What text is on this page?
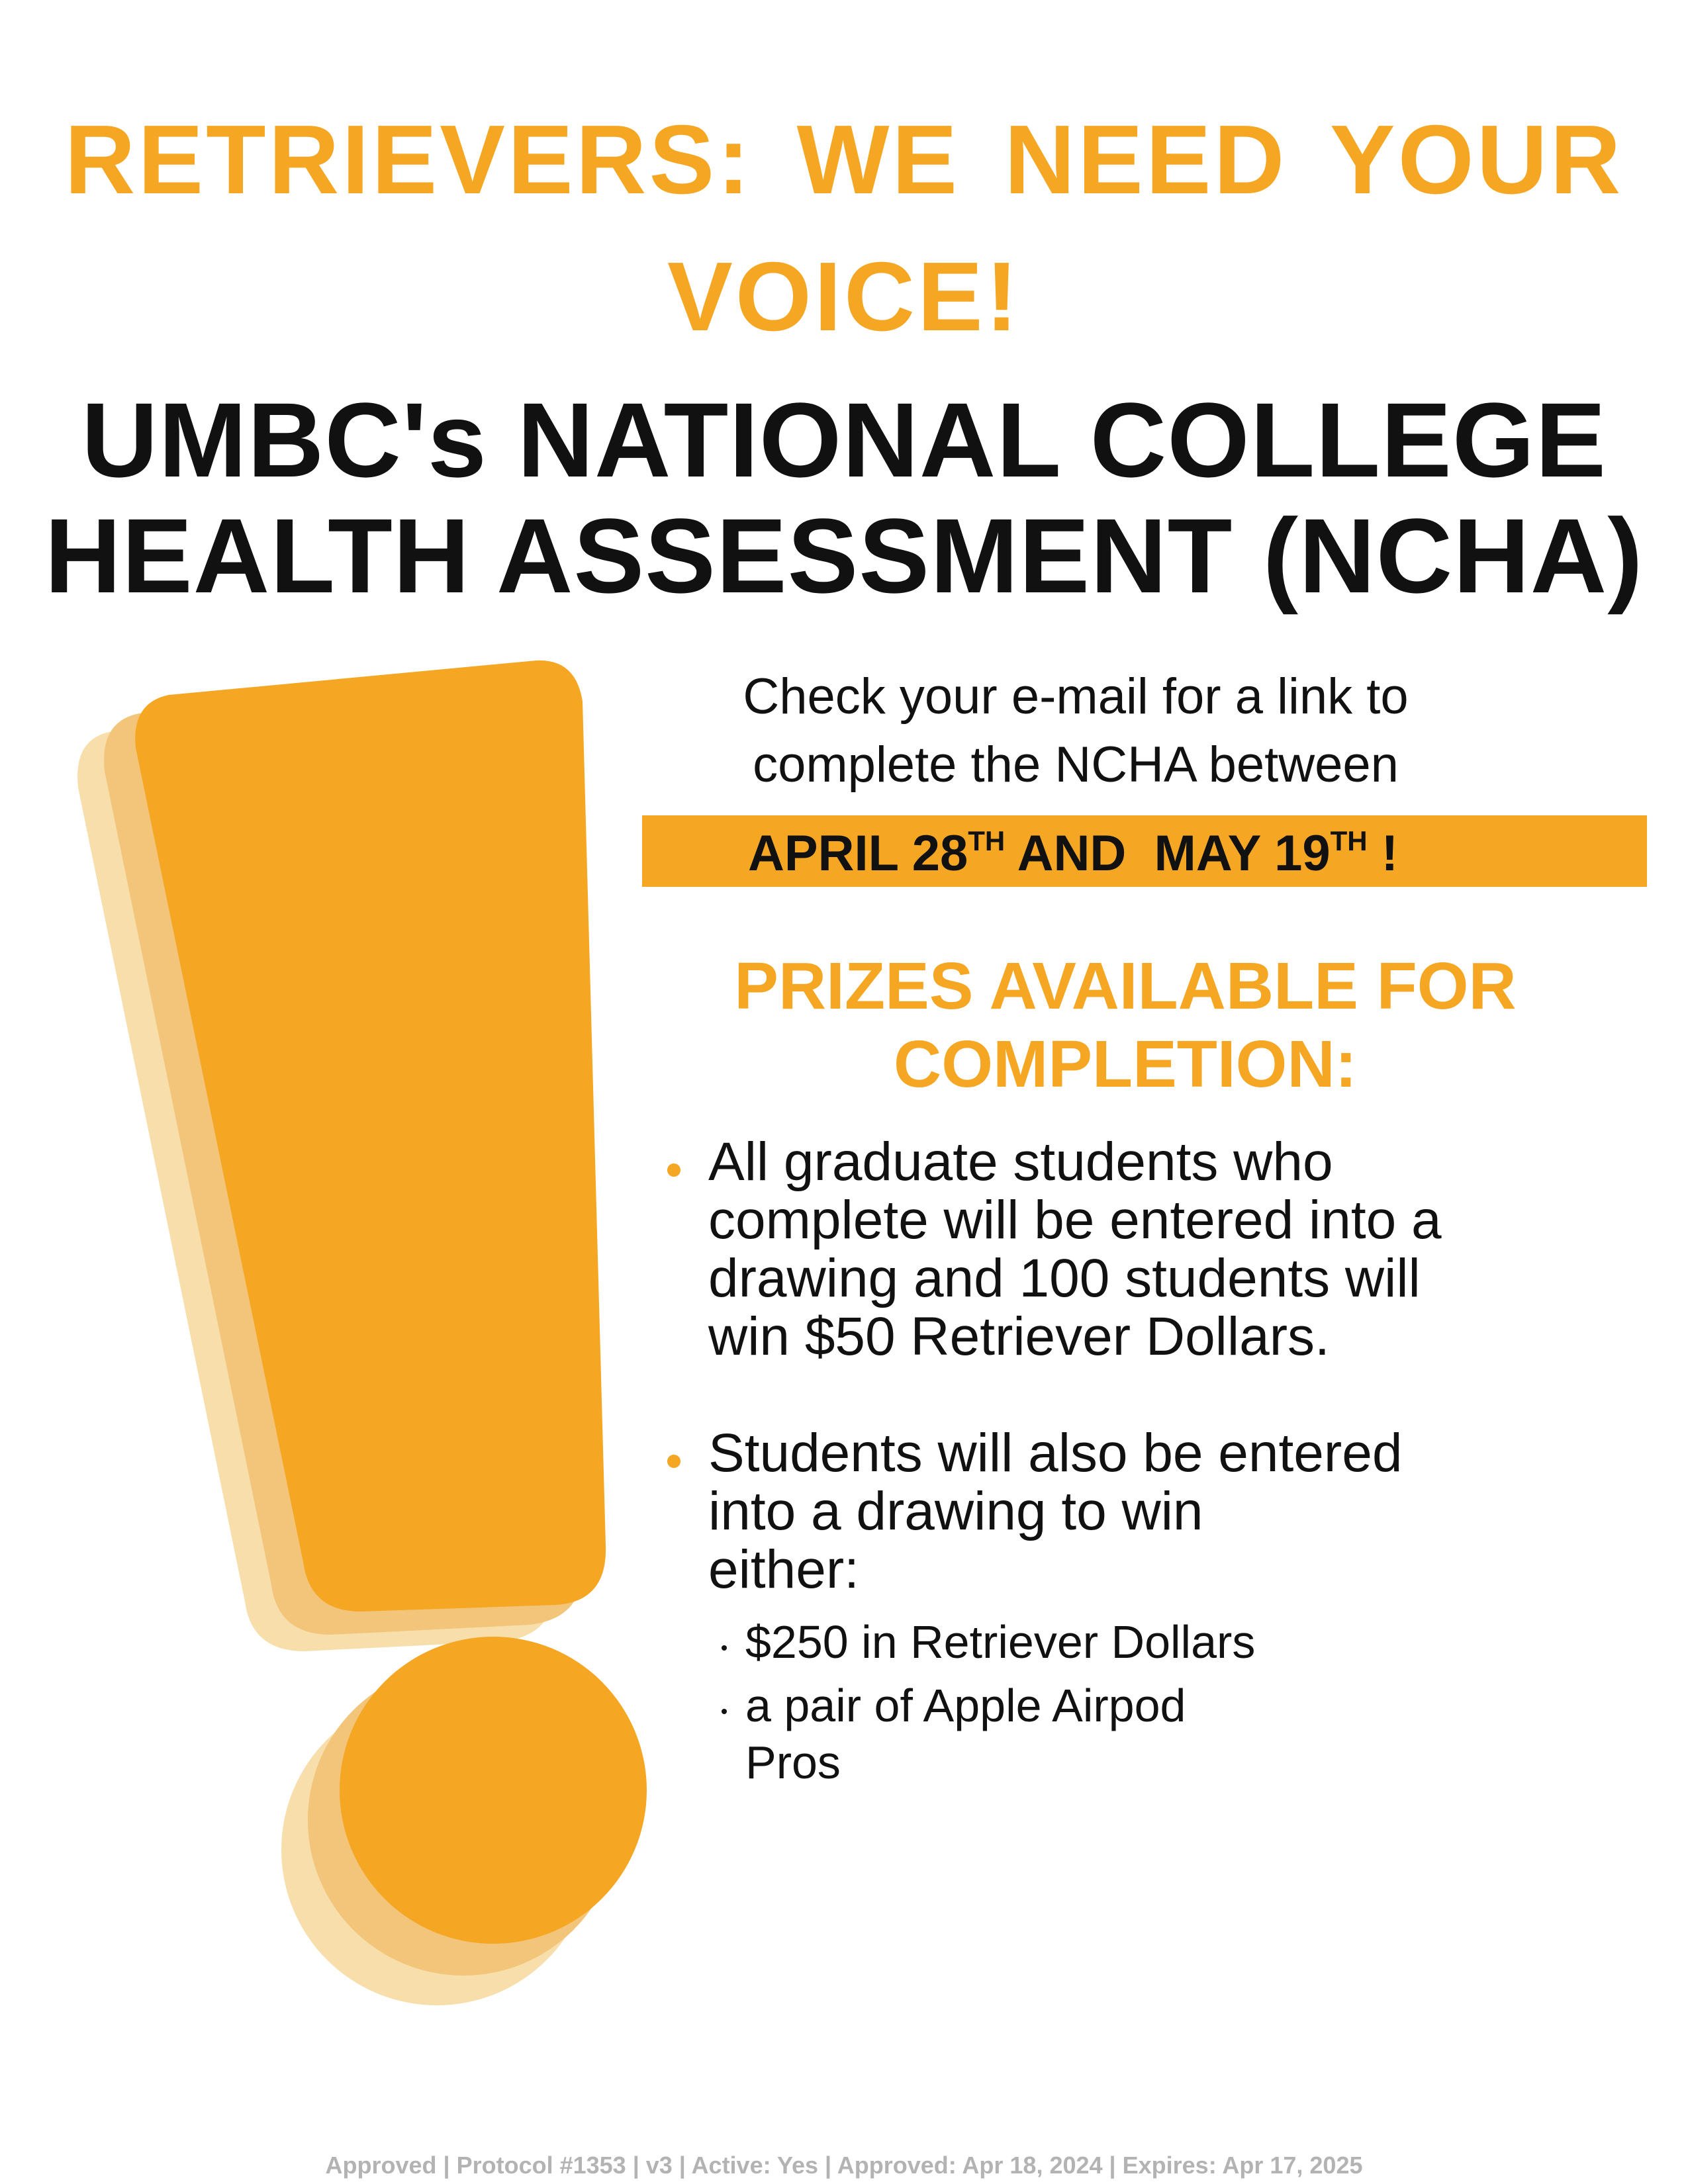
RETRIEVERS: WE NEED YOUR
VOICE!
UMBC's NATIONAL COLLEGE
HEALTH ASSESSMENT (NCHA)
Check your e-mail for a link to
complete the NCHA between
APRIL 28TH AND  MAY 19TH !
PRIZES AVAILABLE FOR
COMPLETION:
All graduate students who
complete will be entered into a
drawing and 100 students will
win $50 Retriever Dollars.
Students will also be entered
into a drawing to win
either:
$250 in Retriever Dollars
a pair of Apple Airpod
Pros
Approved | Protocol #1353 | v3 | Active: Yes | Approved: Apr 18, 2024 | Expires: Apr 17, 2025
